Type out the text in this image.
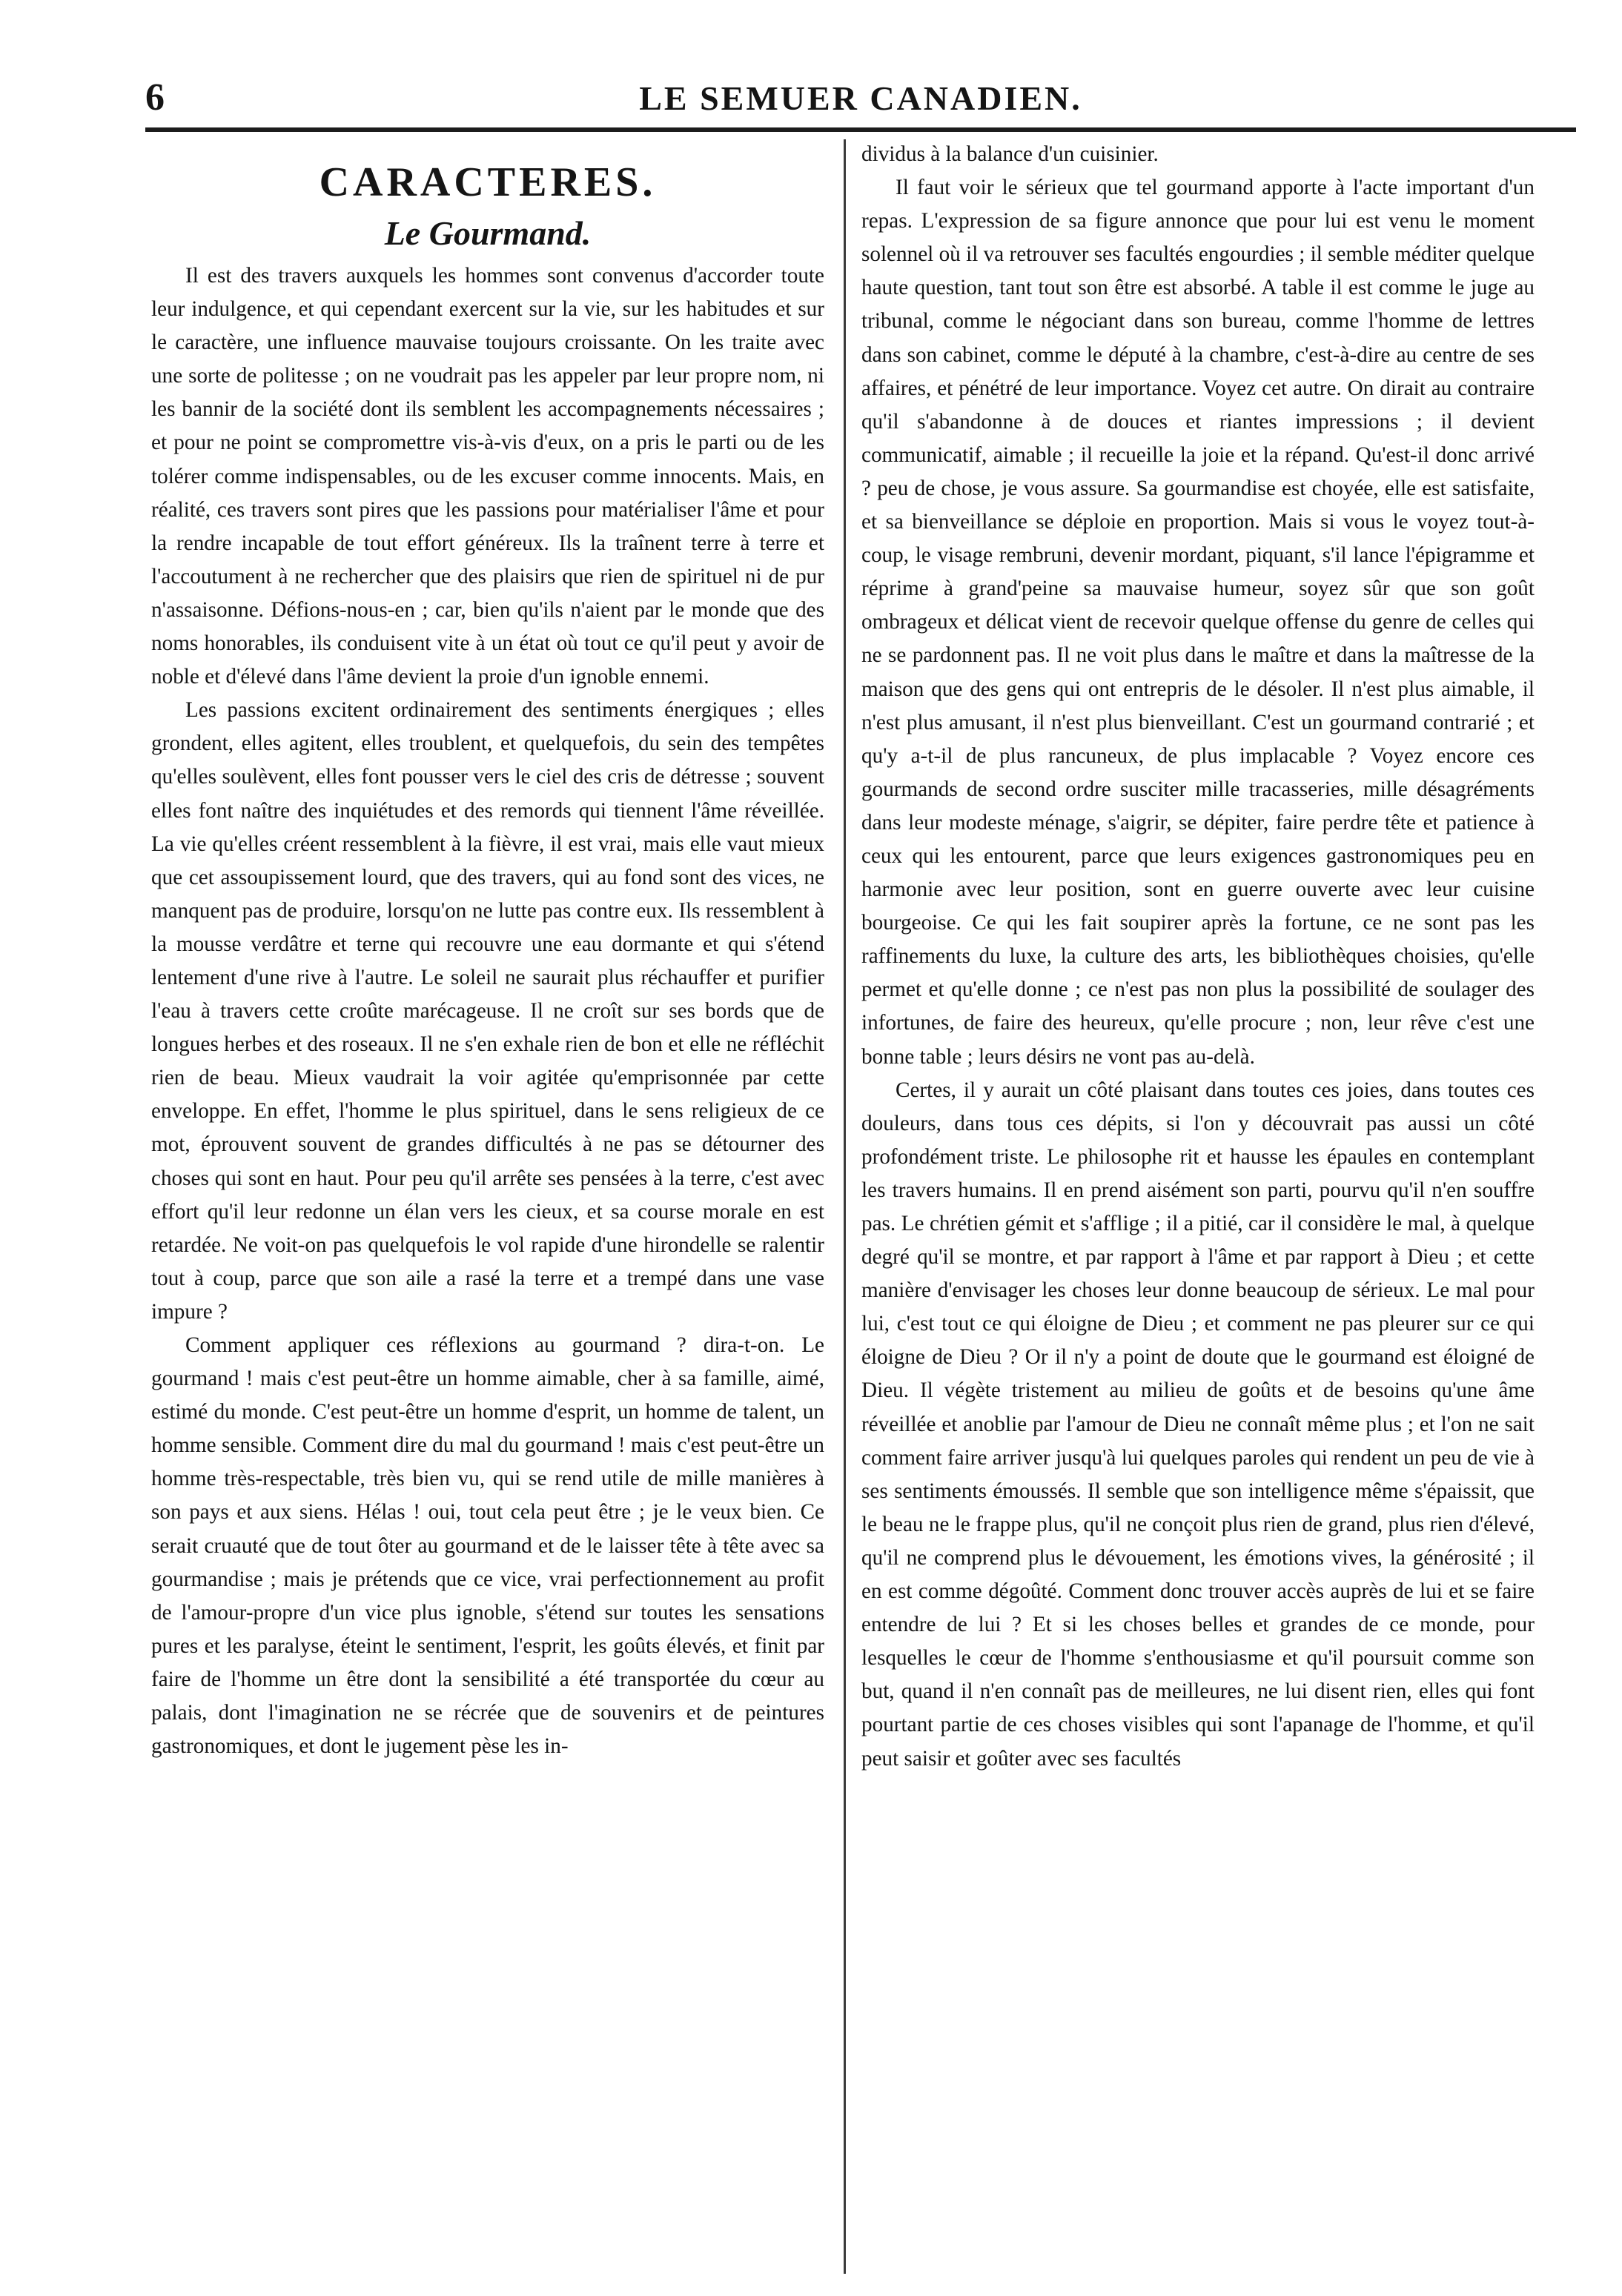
6	LE SEMUER CANADIEN.
CARACTERES.
Le Gourmand.

Il est des travers auxquels les hommes sont convenus d'accorder toute leur indulgence, et qui cependant exercent sur la vie, sur les habitudes et sur le caractère, une influence mauvaise toujours croissante. On les traite avec une sorte de politesse ; on ne voudrait pas les appeler par leur propre nom, ni les bannir de la société dont ils semblent les accompagnements nécessaires ; et pour ne point se compromettre vis-à-vis d'eux, on a pris le parti ou de les tolérer comme indispensables, ou de les excuser comme innocents. Mais, en réalité, ces travers sont pires que les passions pour matérialiser l'âme et pour la rendre incapable de tout effort généreux. Ils la traînent terre à terre et l'accoutument à ne rechercher que des plaisirs que rien de spirituel ni de pur n'assaisonne. Défions-nous-en ; car, bien qu'ils n'aient par le monde que des noms honorables, ils conduisent vite à un état où tout ce qu'il peut y avoir de noble et d'élevé dans l'âme devient la proie d'un ignoble ennemi.

Les passions excitent ordinairement des sentiments énergiques ; elles grondent, elles agitent, elles troublent, et quelquefois, du sein des tempêtes qu'elles soulèvent, elles font pousser vers le ciel des cris de détresse ; souvent elles font naître des inquiétudes et des remords qui tiennent l'âme réveillée. La vie qu'elles créent ressemblent à la fièvre, il est vrai, mais elle vaut mieux que cet assoupissement lourd, que des travers, qui au fond sont des vices, ne manquent pas de produire, lorsqu'on ne lutte pas contre eux. Ils ressemblent à la mousse verdâtre et terne qui recouvre une eau dormante et qui s'étend lentement d'une rive à l'autre. Le soleil ne saurait plus réchauffer et purifier l'eau à travers cette croûte marécageuse. Il ne croît sur ses bords que de longues herbes et des roseaux. Il ne s'en exhale rien de bon et elle ne réfléchit rien de beau. Mieux vaudrait la voir agitée qu'emprisonnée par cette enveloppe. En effet, l'homme le plus spirituel, dans le sens religieux de ce mot, éprouvent souvent de grandes difficultés à ne pas se détourner des choses qui sont en haut. Pour peu qu'il arrête ses pensées à la terre, c'est avec effort qu'il leur redonne un élan vers les cieux, et sa course morale en est retardée. Ne voit-on pas quelquefois le vol rapide d'une hirondelle se ralentir tout à coup, parce que son aile a rasé la terre et a trempé dans une vase impure ?

Comment appliquer ces réflexions au gourmand ? dira-t-on. Le gourmand ! mais c'est peut-être un homme aimable, cher à sa famille, aimé, estimé du monde. C'est peut-être un homme d'esprit, un homme de talent, un homme sensible. Comment dire du mal du gourmand ! mais c'est peut-être un homme très-respectable, très bien vu, qui se rend utile de mille manières à son pays et aux siens. Hélas ! oui, tout cela peut être ; je le veux bien. Ce serait cruauté que de tout ôter au gourmand et de le laisser tête à tête avec sa gourmandise ; mais je prétends que ce vice, vrai perfectionnement au profit de l'amour-propre d'un vice plus ignoble, s'étend sur toutes les sensations pures et les paralyse, éteint le sentiment, l'esprit, les goûts élevés, et finit par faire de l'homme un être dont la sensibilité a été transportée du cœur au palais, dont l'imagination ne se récrée que de souvenirs et de peintures gastronomiques, et dont le jugement pèse les in-

dividus à la balance d'un cuisinier.

Il faut voir le sérieux que tel gourmand apporte à l'acte important d'un repas. L'expression de sa figure annonce que pour lui est venu le moment solennel où il va retrouver ses facultés engourdies ; il semble méditer quelque haute question, tant tout son être est absorbé. A table il est comme le juge au tribunal, comme le négociant dans son bureau, comme l'homme de lettres dans son cabinet, comme le député à la chambre, c'est-à-dire au centre de ses affaires, et pénétré de leur importance. Voyez cet autre. On dirait au contraire qu'il s'abandonne à de douces et riantes impressions ; il devient communicatif, aimable ; il recueille la joie et la répand. Qu'est-il donc arrivé ? peu de chose, je vous assure. Sa gourmandise est choyée, elle est satisfaite, et sa bienveillance se déploie en proportion. Mais si vous le voyez tout-à-coup, le visage rembruni, devenir mordant, piquant, s'il lance l'épigramme et réprime à grand'peine sa mauvaise humeur, soyez sûr que son goût ombrageux et délicat vient de recevoir quelque offense du genre de celles qui ne se pardonnent pas. Il ne voit plus dans le maître et dans la maîtresse de la maison que des gens qui ont entrepris de le désoler. Il n'est plus aimable, il n'est plus amusant, il n'est plus bienveillant. C'est un gourmand contrarié ; et qu'y a-t-il de plus rancuneux, de plus implacable ? Voyez encore ces gourmands de second ordre susciter mille tracasseries, mille désagréments dans leur modeste ménage, s'aigrir, se dépiter, faire perdre tête et patience à ceux qui les entourent, parce que leurs exigences gastronomiques peu en harmonie avec leur position, sont en guerre ouverte avec leur cuisine bourgeoise. Ce qui les fait soupirer après la fortune, ce ne sont pas les raffinements du luxe, la culture des arts, les bibliothèques choisies, qu'elle permet et qu'elle donne ; ce n'est pas non plus la possibilité de soulager des infortunes, de faire des heureux, qu'elle procure ; non, leur rêve c'est une bonne table ; leurs désirs ne vont pas au-delà.

Certes, il y aurait un côté plaisant dans toutes ces joies, dans toutes ces douleurs, dans tous ces dépits, si l'on y découvrait pas aussi un côté profondément triste. Le philosophe rit et hausse les épaules en contemplant les travers humains. Il en prend aisément son parti, pourvu qu'il n'en souffre pas. Le chrétien gémit et s'afflige ; il a pitié, car il considère le mal, à quelque degré qu'il se montre, et par rapport à l'âme et par rapport à Dieu ; et cette manière d'envisager les choses leur donne beaucoup de sérieux. Le mal pour lui, c'est tout ce qui éloigne de Dieu ; et comment ne pas pleurer sur ce qui éloigne de Dieu ? Or il n'y a point de doute que le gourmand est éloigné de Dieu. Il végète tristement au milieu de goûts et de besoins qu'une âme réveillée et anoblie par l'amour de Dieu ne connaît même plus ; et l'on ne sait comment faire arriver jusqu'à lui quelques paroles qui rendent un peu de vie à ses sentiments émoussés. Il semble que son intelligence même s'épaissit, que le beau ne le frappe plus, qu'il ne conçoit plus rien de grand, plus rien d'élevé, qu'il ne comprend plus le dévouement, les émotions vives, la générosité ; il en est comme dégoûté. Comment donc trouver accès auprès de lui et se faire entendre de lui ? Et si les choses belles et grandes de ce monde, pour lesquelles le cœur de l'homme s'enthousiasme et qu'il poursuit comme son but, quand il n'en connaît pas de meilleures, ne lui disent rien, elles qui font pourtant partie de ces choses visibles qui sont l'apanage de l'homme, et qu'il peut saisir et goûter avec ses facultés
